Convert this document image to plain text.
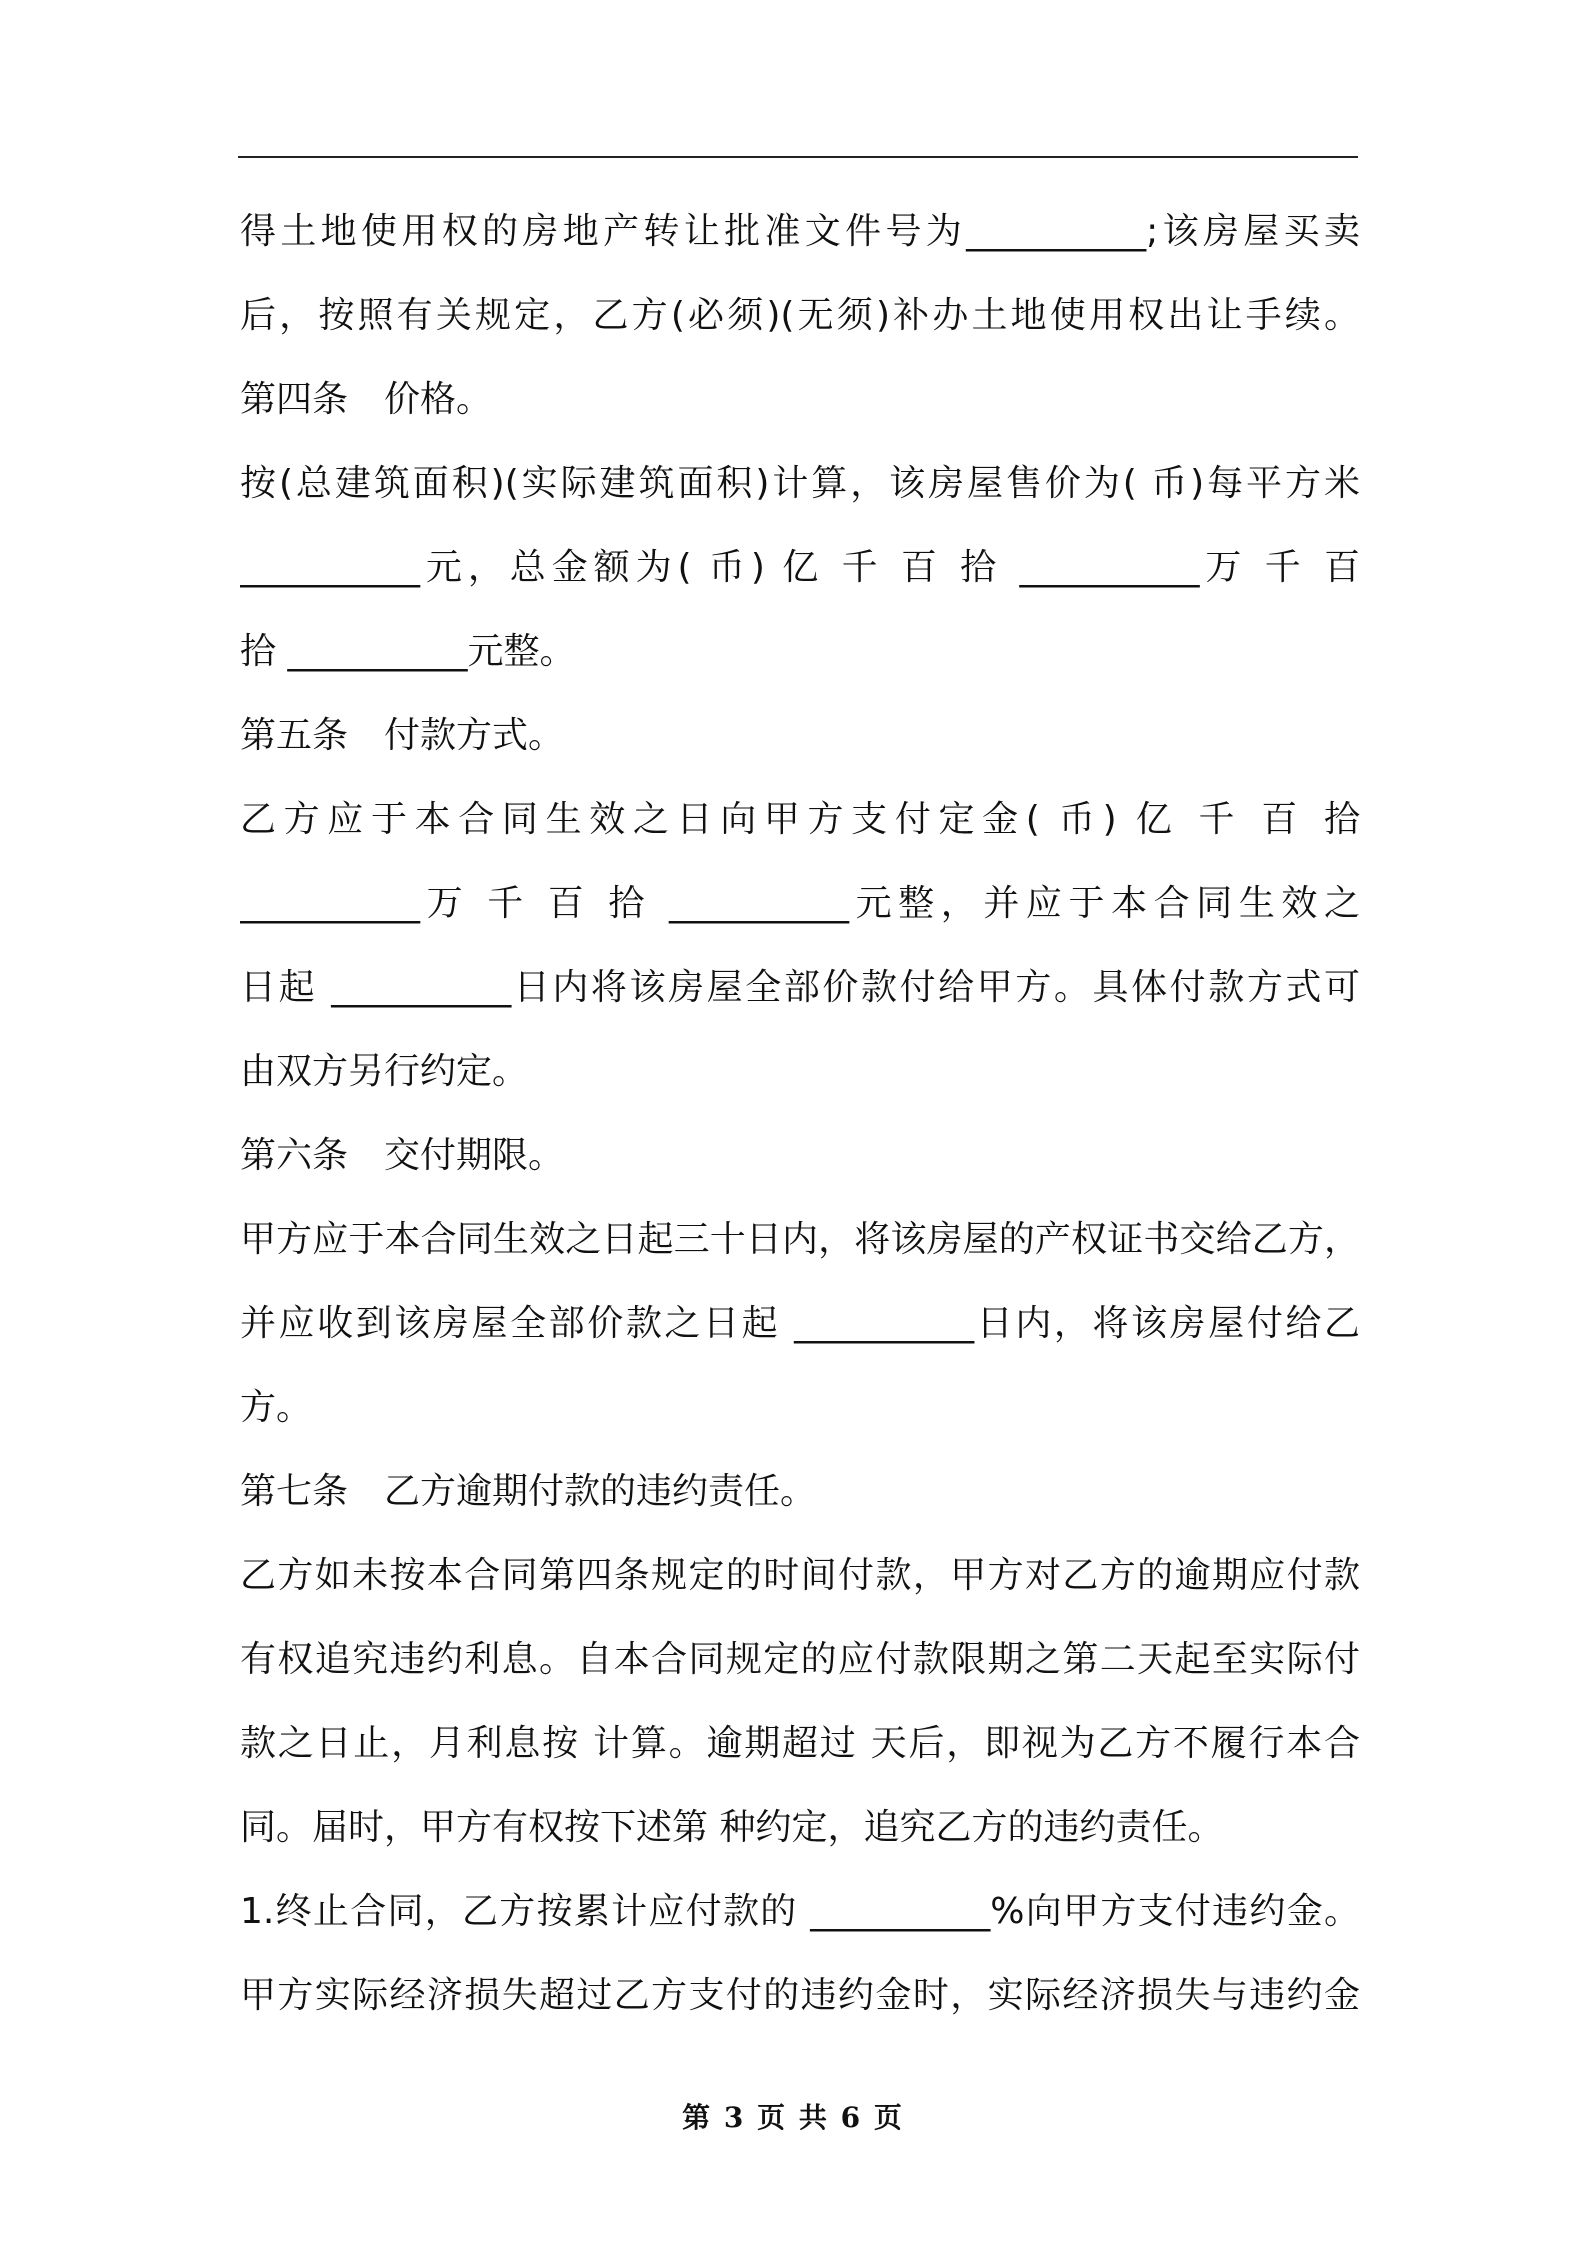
得土地使用权的房地产转让批准文件号为__________;该房屋买卖
后，按照有关规定，乙方(必须)(无须)补办土地使用权出让手续。
第四条　价格。
按(总建筑面积)(实际建筑面积)计算，该房屋售价为( 币)每平方米
__________元，总金额为( 币) 亿 千 百 拾 __________万 千 百
拾 __________元整。
第五条　付款方式。
乙方应于本合同生效之日向甲方支付定金( 币) 亿 千 百 拾
__________万 千 百 拾 __________元整，并应于本合同生效之
日起 __________日内将该房屋全部价款付给甲方。具体付款方式可
由双方另行约定。
第六条　交付期限。
甲方应于本合同生效之日起三十日内，将该房屋的产权证书交给乙方，
并应收到该房屋全部价款之日起 __________日内，将该房屋付给乙
方。
第七条　乙方逾期付款的违约责任。
乙方如未按本合同第四条规定的时间付款，甲方对乙方的逾期应付款
有权追究违约利息。自本合同规定的应付款限期之第二天起至实际付
款之日止，月利息按 计算。逾期超过 天后，即视为乙方不履行本合
同。届时，甲方有权按下述第 种约定，追究乙方的违约责任。
1.终止合同，乙方按累计应付款的 __________%向甲方支付违约金。
甲方实际经济损失超过乙方支付的违约金时，实际经济损失与违约金
第 3 页 共 6 页
